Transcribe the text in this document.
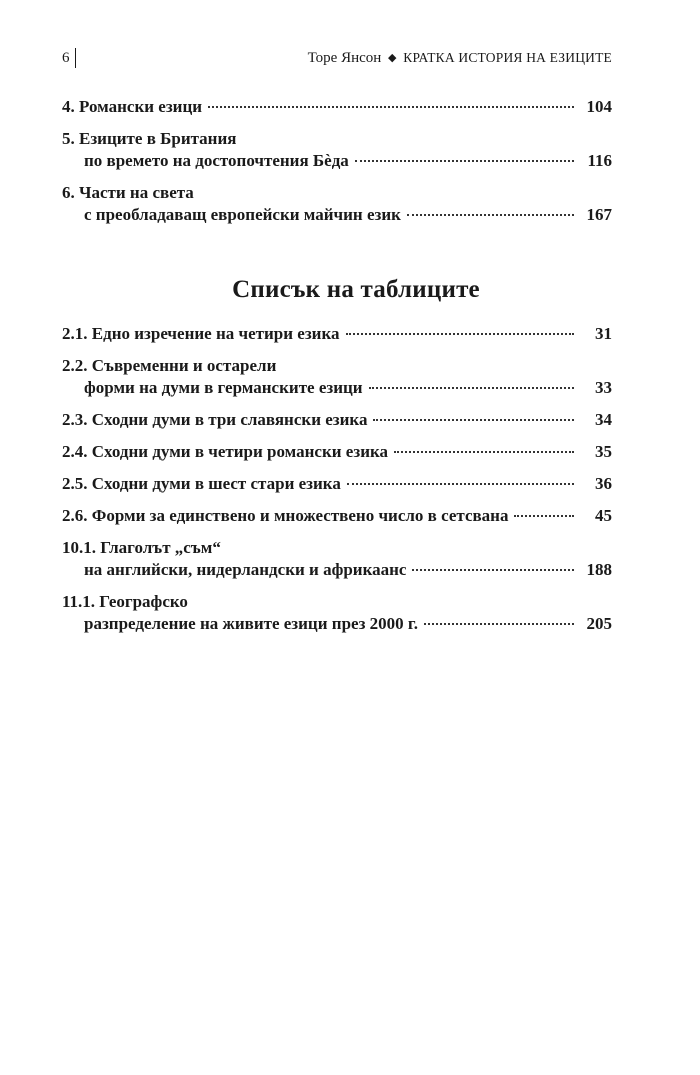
6	Торе Янсон ◆ КРАТКА ИСТОРИЯ НА ЕЗИЦИТЕ
4. Романски езици	104
5. Езиците в Британия
по времето на достопочтения Бѐда	116
6. Части на света
с преобладаващ европейски майчин език	167
Списък на таблиците
2.1. Едно изречение на четири езика	31
2.2. Съвременни и остарели
форми на думи в германските езици	33
2.3. Сходни думи в три славянски езика	34
2.4. Сходни думи в четири романски езика	35
2.5. Сходни думи в шест стари езика	36
2.6. Форми за единствено и множествено число в сетсвана	45
10.1. Глаголът „съм“
на английски, нидерландски и африкаанс	188
11.1. Географско
разпределение на живите езици през 2000 г.	205
